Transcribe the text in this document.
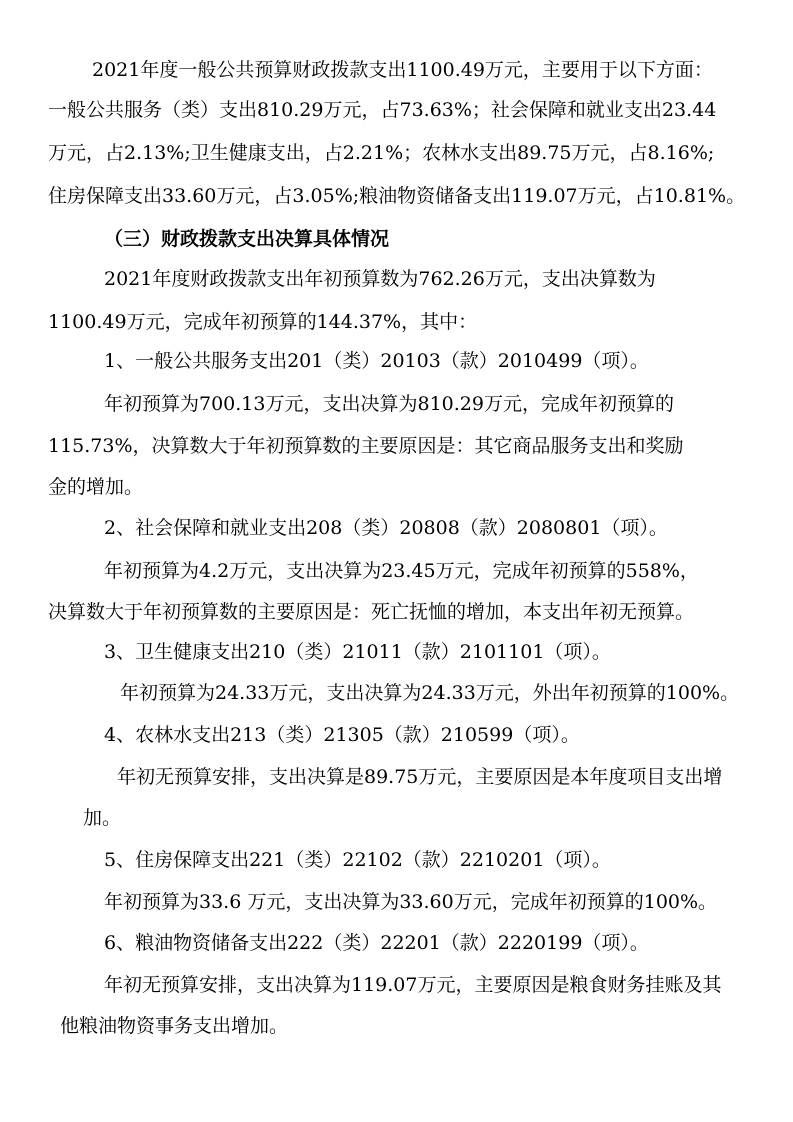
2021年度一般公共预算财政拨款支出1100.49万元，主要用于以下方面：
一般公共服务（类）支出810.29万元，占73.63%；社会保障和就业支出23.44
万元，占2.13%;卫生健康支出，占2.21%；农林水支出89.75万元，占8.16%;
住房保障支出33.60万元，占3.05%;粮油物资储备支出119.07万元，占10.81%。
（三）财政拨款支出决算具体情况
2021年度财政拨款支出年初预算数为762.26万元，支出决算数为
1100.49万元，完成年初预算的144.37%，其中：
1、一般公共服务支出201（类）20103（款）2010499（项）。
年初预算为700.13万元，支出决算为810.29万元，完成年初预算的
115.73%，决算数大于年初预算数的主要原因是：其它商品服务支出和奖励
金的增加。
2、社会保障和就业支出208（类）20808（款）2080801（项）。
年初预算为4.2万元，支出决算为23.45万元，完成年初预算的558%，
决算数大于年初预算数的主要原因是：死亡抚恤的增加，本支出年初无预算。
3、卫生健康支出210（类）21011（款）2101101（项）。
年初预算为24.33万元，支出决算为24.33万元，外出年初预算的100%。
4、农林水支出213（类）21305（款）210599（项）。
年初无预算安排，支出决算是89.75万元，主要原因是本年度项目支出增
加。
5、住房保障支出221（类）22102（款）2210201（项）。
年初预算为33.6 万元，支出决算为33.60万元，完成年初预算的100%。
6、粮油物资储备支出222（类）22201（款）2220199（项）。
年初无预算安排，支出决算为119.07万元，主要原因是粮食财务挂账及其
他粮油物资事务支出增加。
